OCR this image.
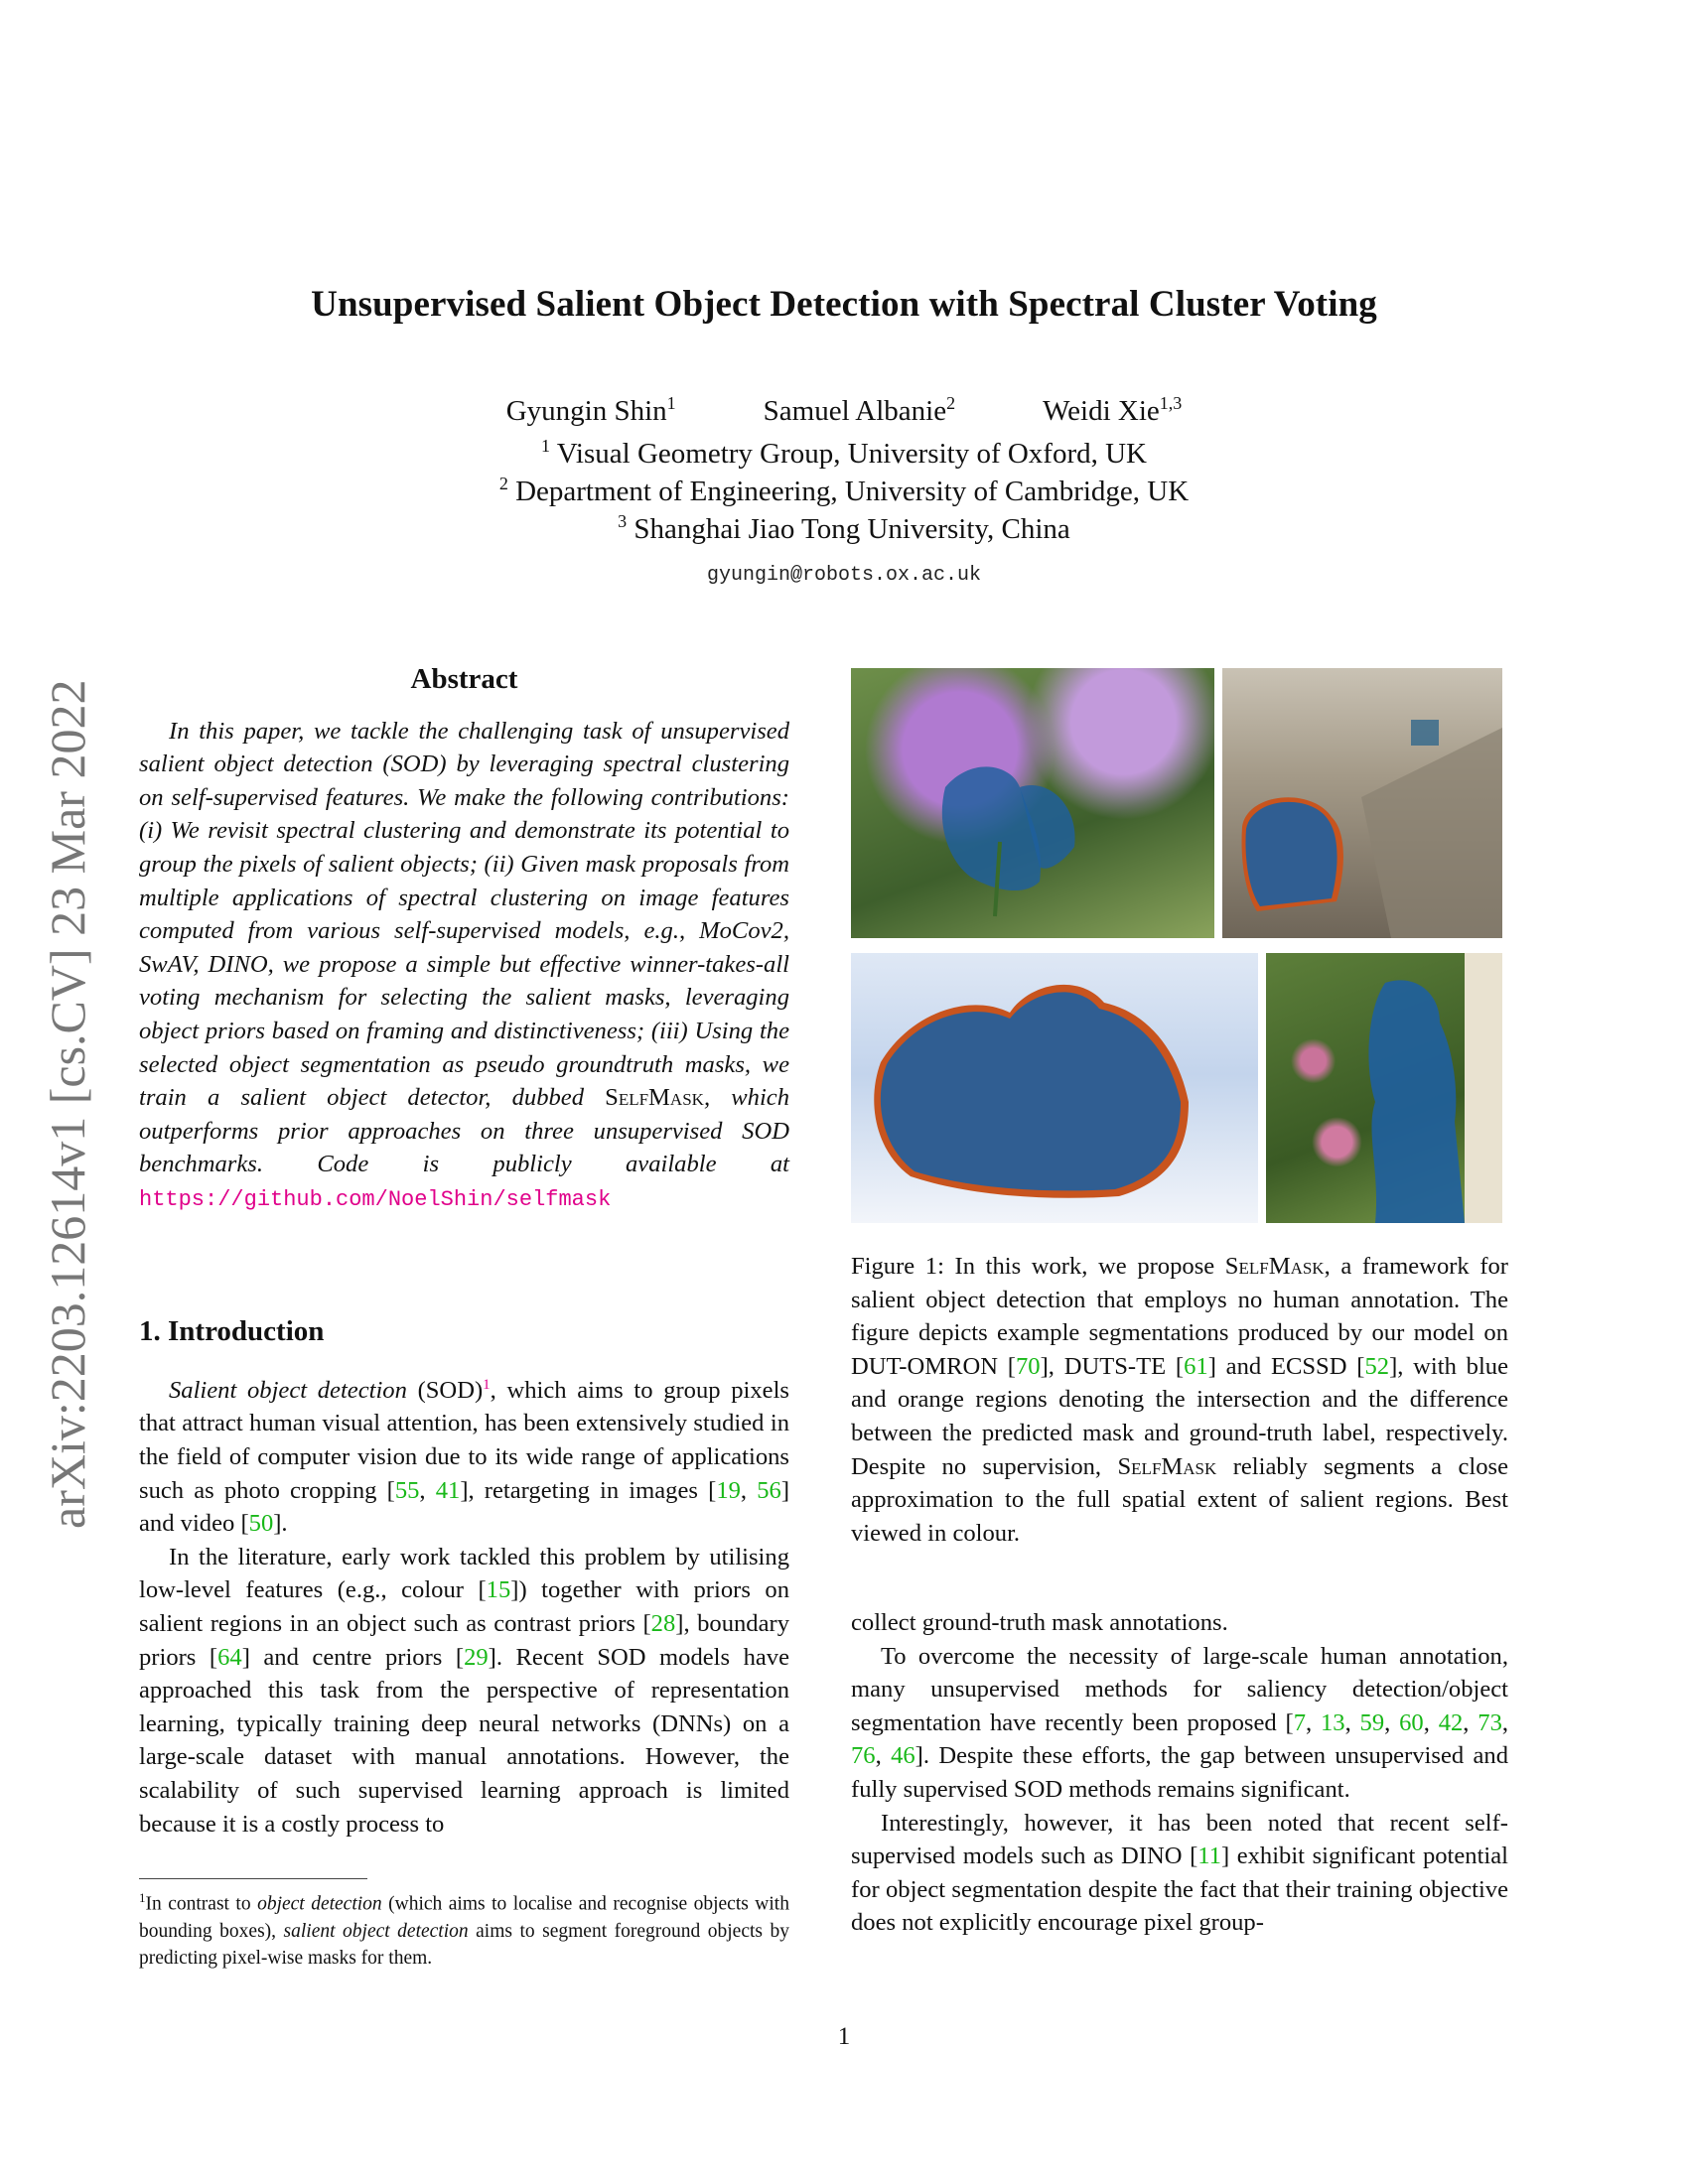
Unsupervised Salient Object Detection with Spectral Cluster Voting
Gyungin Shin$^1$	Samuel Albanie$^2$	Weidi Xie$^{1,3}$
$^1$ Visual Geometry Group, University of Oxford, UK
$^2$ Department of Engineering, University of Cambridge, UK
$^3$ Shanghai Jiao Tong University, China
gyungin@robots.ox.ac.uk
arXiv:2203.12614v1 [cs.CV] 23 Mar 2022
Abstract

In this paper, we tackle the challenging task of unsupervised salient object detection (SOD) by leveraging spectral clustering on self-supervised features. We make the following contributions: (i) We revisit spectral clustering and demonstrate its potential to group the pixels of salient objects; (ii) Given mask proposals from multiple applications of spectral clustering on image features computed from various self-supervised models, e.g., MoCov2, SwAV, DINO, we propose a simple but effective winner-takes-all voting mechanism for selecting the salient masks, leveraging object priors based on framing and distinctiveness; (iii) Using the selected object segmentation as pseudo groundtruth masks, we train a salient object detector, dubbed SelfMask, which outperforms prior approaches on three unsupervised SOD benchmarks. Code is publicly available at https://github.com/NoelShin/selfmask

1. Introduction

Salient object detection (SOD)$^1$, which aims to group pixels that attract human visual attention, has been extensively studied in the field of computer vision due to its wide range of applications such as photo cropping [55, 41], retargeting in images [19, 56] and video [50].

In the literature, early work tackled this problem by utilising low-level features (e.g., colour [15]) together with priors on salient regions in an object such as contrast priors [28], boundary priors [64] and centre priors [29]. Recent SOD models have approached this task from the perspective of representation learning, typically training deep neural networks (DNNs) on a large-scale dataset with manual annotations. However, the scalability of such supervised learning approach is limited because it is a costly process to

$^1$In contrast to object detection (which aims to localise and recognise objects with bounding boxes), salient object detection aims to segment foreground objects by predicting pixel-wise masks for them.
Figure 1: In this work, we propose SelfMask, a framework for salient object detection that employs no human annotation. The figure depicts example segmentations produced by our model on DUT-OMRON [70], DUTS-TE [61] and ECSSD [52], with blue and orange regions denoting the intersection and the difference between the predicted mask and ground-truth label, respectively. Despite no supervision, SelfMask reliably segments a close approximation to the full spatial extent of salient regions. Best viewed in colour.

collect ground-truth mask annotations.

To overcome the necessity of large-scale human annotation, many unsupervised methods for saliency detection/object segmentation have recently been proposed [7, 13, 59, 60, 42, 73, 76, 46]. Despite these efforts, the gap between unsupervised and fully supervised SOD methods remains significant.

Interestingly, however, it has been noted that recent self-supervised models such as DINO [11] exhibit significant potential for object segmentation despite the fact that their training objective does not explicitly encourage pixel group-

1
